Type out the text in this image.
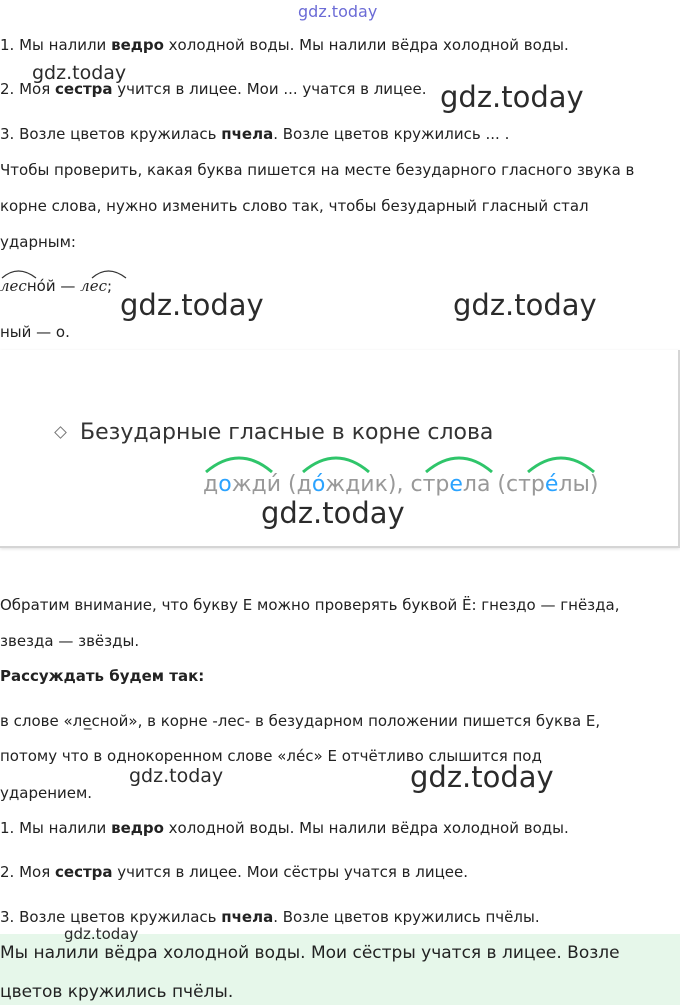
gdz.today
gdz.today
gdz.today
gdz.today	gdz.today
1. Мы налили ведро холодной воды. Мы налили вёдра холодной воды.
2. Моя сестра учится в лицее. Мои ... учатся в лицее.
3. Возле цветов кружилась пчела. Возле цветов кружились ... .
Чтобы проверить, какая буква пишется на месте безударного гласного звука в
корне слова, нужно изменить слово так, чтобы безударный гласный стал
ударным:
леснóй — лес;
ный — о.
Безударные гласные в корне слова
дожди́ (до́ждик), стрела (стре́лы)
gdz.today
Обратим внимание, что букву Е можно проверять буквой Ё: гнездо — гнёзда,
звезда — звёзды.
Рассуждать будем так:
в слове «ле̲сной», в корне -лес- в безударном положении пишется буква Е,
потому что в однокоренном слове «ле́с» Е отчётливо слышится под
ударением.
gdz.today	gdz.today
1. Мы налили ведро холодной воды. Мы налили вёдра холодной воды.
2. Моя сестра учится в лицее. Мои сёстры учатся в лицее.
3. Возле цветов кружилась пчела. Возле цветов кружились пчёлы.
gdz.today
Мы налили вёдра холодной воды. Мои сёстры учатся в лицее. Возле
цветов кружились пчёлы.
